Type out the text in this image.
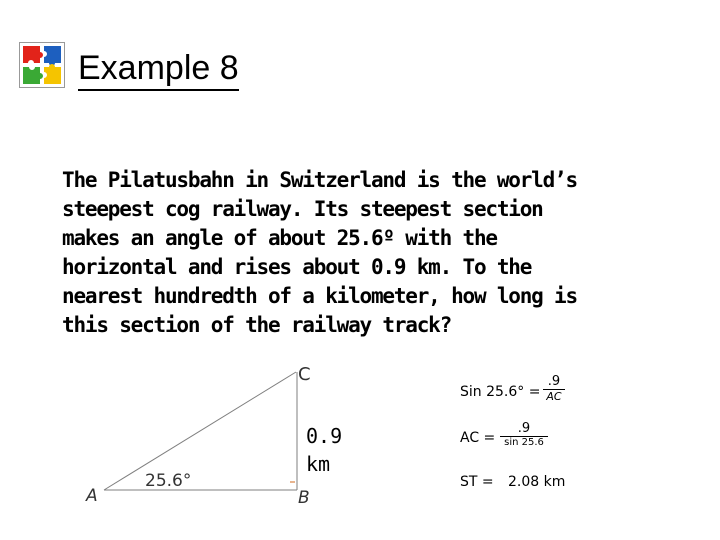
Example 8

The Pilatusbahn in Switzerland is the world’s
steepest cog railway. Its steepest section
makes an angle of about 25.6º with the
horizontal and rises about 0.9 km. To the
nearest hundredth of a kilometer, how long is
this section of the railway track?

A	B
C
25.6°
0.9
km
Sin 25.6° =
.9
AC
AC =
.9
sin 25.6
ST = 2.08 km
